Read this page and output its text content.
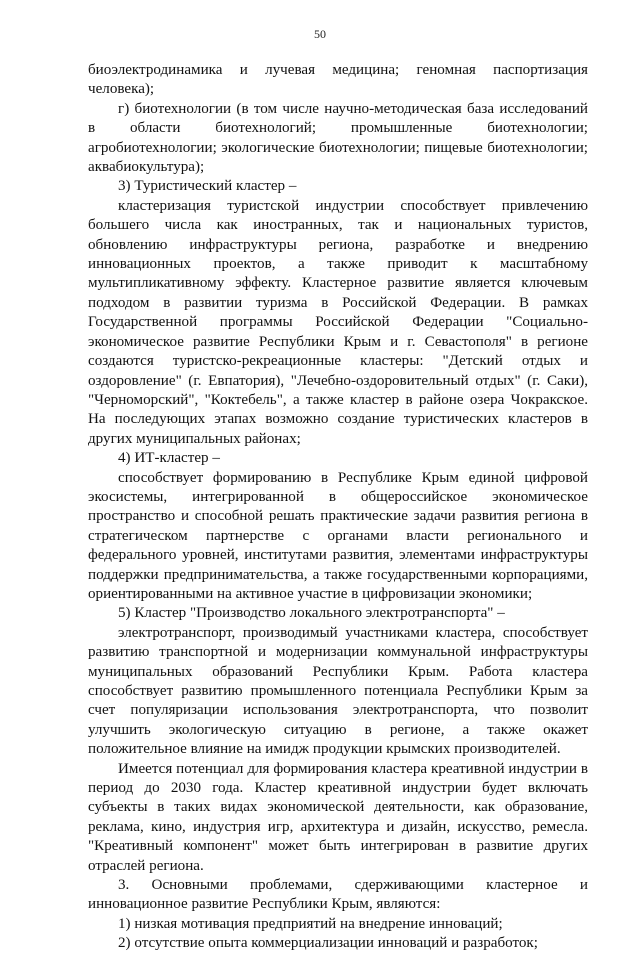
50

биоэлектродинамика и лучевая медицина; геномная паспортизация человека);

г) биотехнологии (в том числе научно-методическая база исследований в области биотехнологий; промышленные биотехнологии; агробиотехнологии; экологические биотехнологии; пищевые биотехнологии; аквабиокультура);

3) Туристический кластер –

кластеризация туристской индустрии способствует привлечению большего числа как иностранных, так и национальных туристов, обновлению инфраструктуры региона, разработке и внедрению инновационных проектов, а также приводит к масштабному мультипликативному эффекту. Кластерное развитие является ключевым подходом в развитии туризма в Российской Федерации. В рамках Государственной программы Российской Федерации "Социально-экономическое развитие Республики Крым и г. Севастополя" в регионе создаются туристско-рекреационные кластеры: "Детский отдых и оздоровление" (г. Евпатория), "Лечебно-оздоровительный отдых" (г. Саки), "Черноморский", "Коктебель", а также кластер в районе озера Чокракское. На последующих этапах возможно создание туристических кластеров в других муниципальных районах;

4) ИТ-кластер –

способствует формированию в Республике Крым единой цифровой экосистемы, интегрированной в общероссийское экономическое пространство и способной решать практические задачи развития региона в стратегическом партнерстве с органами власти регионального и федерального уровней, институтами развития, элементами инфраструктуры поддержки предпринимательства, а также государственными корпорациями, ориентированными на активное участие в цифровизации экономики;

5) Кластер "Производство локального электротранспорта" –

электротранспорт, производимый участниками кластера, способствует развитию транспортной и модернизации коммунальной инфраструктуры муниципальных образований Республики Крым. Работа кластера способствует развитию промышленного потенциала Республики Крым за счет популяризации использования электротранспорта, что позволит улучшить экологическую ситуацию в регионе, а также окажет положительное влияние на имидж продукции крымских производителей.

Имеется потенциал для формирования кластера креативной индустрии в период до 2030 года. Кластер креативной индустрии будет включать субъекты в таких видах экономической деятельности, как образование, реклама, кино, индустрия игр, архитектура и дизайн, искусство, ремесла. "Креативный компонент" может быть интегрирован в развитие других отраслей региона.

3. Основными проблемами, сдерживающими кластерное и инновационное развитие Республики Крым, являются:

1) низкая мотивация предприятий на внедрение инноваций;

2) отсутствие опыта коммерциализации инноваций и разработок;
